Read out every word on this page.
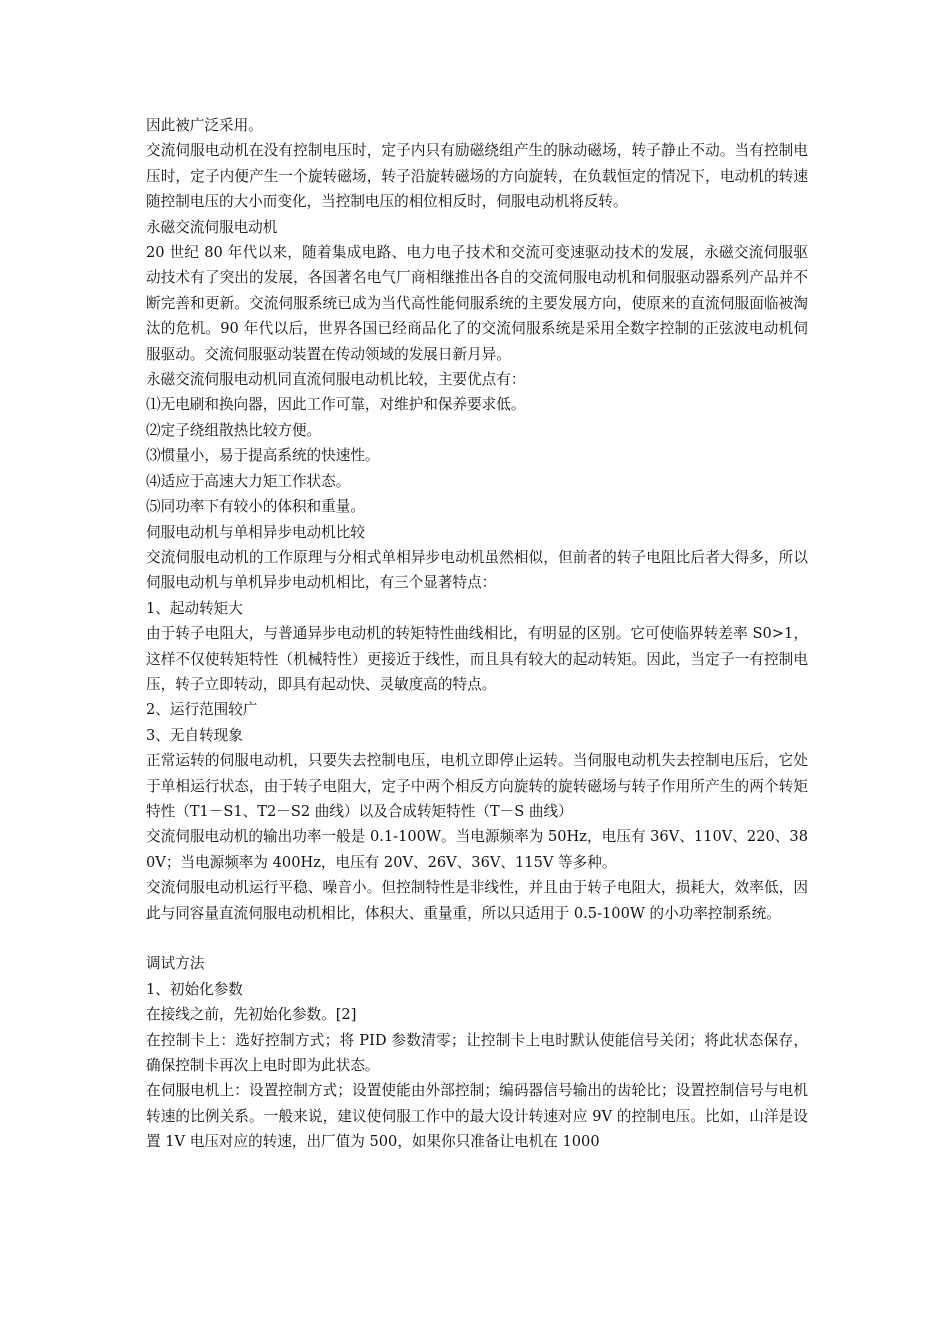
因此被广泛采用。

交流伺服电动机在没有控制电压时，定子内只有励磁绕组产生的脉动磁场，转子静止不动。当有控制电压时，定子内便产生一个旋转磁场，转子沿旋转磁场的方向旋转，在负载恒定的情况下，电动机的转速随控制电压的大小而变化，当控制电压的相位相反时，伺服电动机将反转。

永磁交流伺服电动机

20 世纪 80 年代以来，随着集成电路、电力电子技术和交流可变速驱动技术的发展，永磁交流伺服驱动技术有了突出的发展，各国著名电气厂商相继推出各自的交流伺服电动机和伺服驱动器系列产品并不断完善和更新。交流伺服系统已成为当代高性能伺服系统的主要发展方向，使原来的直流伺服面临被淘汰的危机。90 年代以后，世界各国已经商品化了的交流伺服系统是采用全数字控制的正弦波电动机伺服驱动。交流伺服驱动装置在传动领域的发展日新月异。

永磁交流伺服电动机同直流伺服电动机比较，主要优点有：

⑴无电刷和换向器，因此工作可靠，对维护和保养要求低。

⑵定子绕组散热比较方便。

⑶惯量小，易于提高系统的快速性。

⑷适应于高速大力矩工作状态。

⑸同功率下有较小的体积和重量。

伺服电动机与单相异步电动机比较

交流伺服电动机的工作原理与分相式单相异步电动机虽然相似，但前者的转子电阻比后者大得多，所以伺服电动机与单机异步电动机相比，有三个显著特点：

1、起动转矩大

由于转子电阻大，与普通异步电动机的转矩特性曲线相比，有明显的区别。它可使临界转差率 S0>1，这样不仅使转矩特性（机械特性）更接近于线性，而且具有较大的起动转矩。因此，当定子一有控制电压，转子立即转动，即具有起动快、灵敏度高的特点。

2、运行范围较广

3、无自转现象

正常运转的伺服电动机，只要失去控制电压，电机立即停止运转。当伺服电动机失去控制电压后，它处于单相运行状态，由于转子电阻大，定子中两个相反方向旋转的旋转磁场与转子作用所产生的两个转矩特性（T1－S1、T2－S2 曲线）以及合成转矩特性（T－S 曲线）

交流伺服电动机的输出功率一般是 0.1-100W。当电源频率为 50Hz，电压有 36V、110V、220、380V；当电源频率为 400Hz，电压有 20V、26V、36V、115V 等多种。

交流伺服电动机运行平稳、噪音小。但控制特性是非线性，并且由于转子电阻大，损耗大，效率低，因此与同容量直流伺服电动机相比，体积大、重量重，所以只适用于 0.5-100W 的小功率控制系统。

调试方法

1、初始化参数

在接线之前，先初始化参数。[2]

在控制卡上：选好控制方式；将 PID 参数清零；让控制卡上电时默认使能信号关闭；将此状态保存，确保控制卡再次上电时即为此状态。

在伺服电机上：设置控制方式；设置使能由外部控制；编码器信号输出的齿轮比；设置控制信号与电机转速的比例关系。一般来说，建议使伺服工作中的最大设计转速对应 9V 的控制电压。比如，山洋是设置 1V 电压对应的转速，出厂值为 500，如果你只准备让电机在 1000
